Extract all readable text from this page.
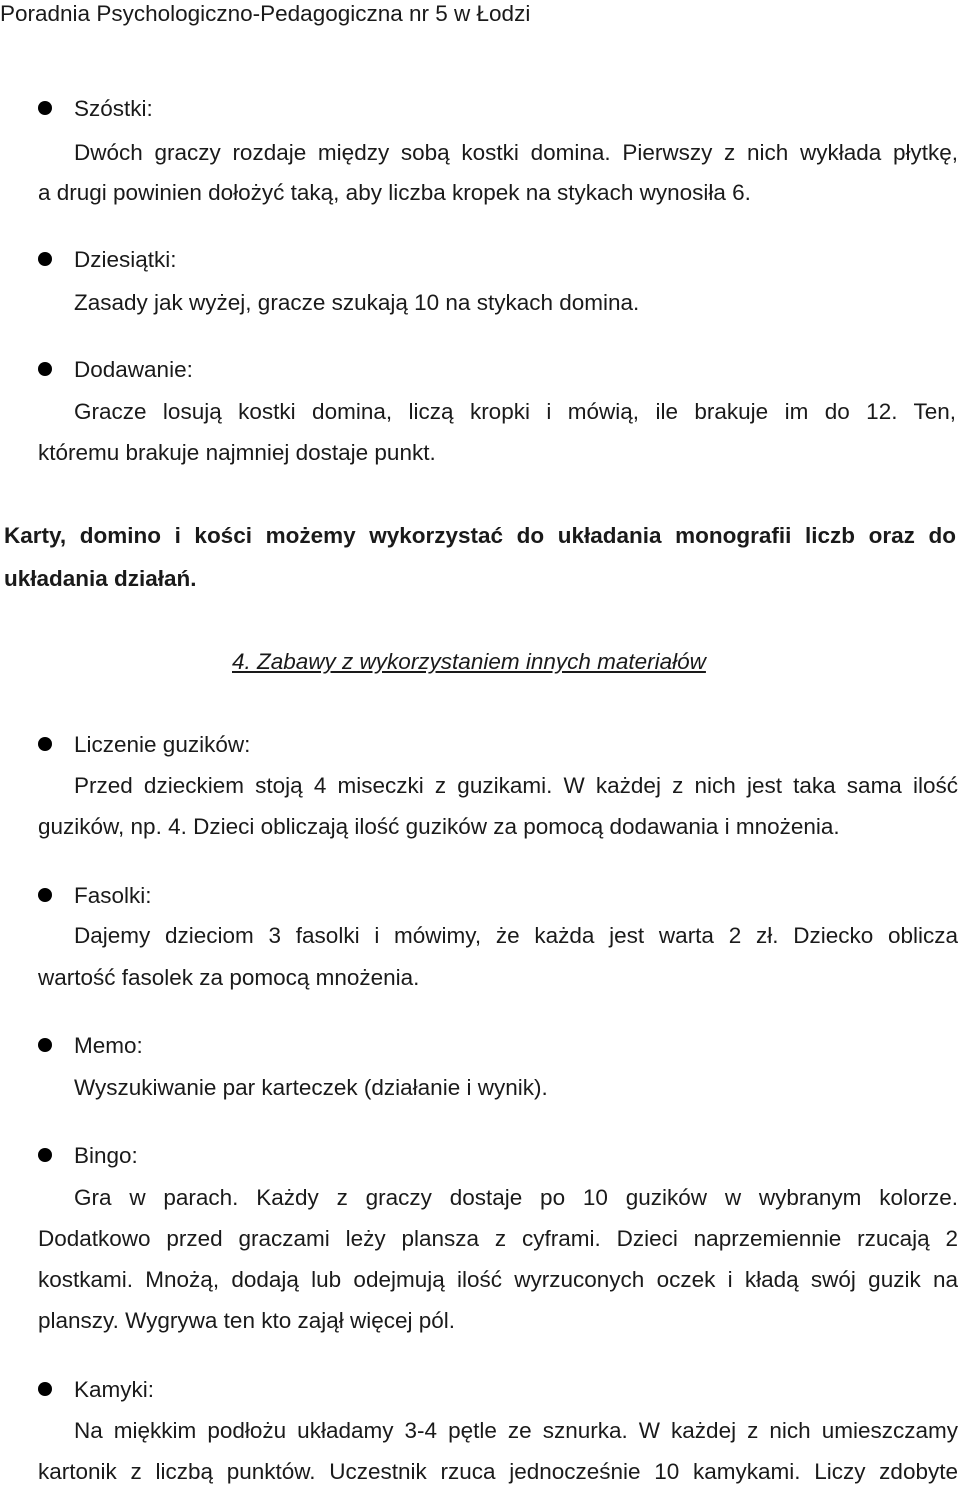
Poradnia Psychologiczno-Pedagogiczna nr 5 w Łodzi
Szóstki:
Dwóch graczy rozdaje między sobą kostki domina. Pierwszy z nich wykłada płytkę,
a drugi powinien dołożyć taką, aby liczba kropek na stykach wynosiła 6.
Dziesiątki:
Zasady jak wyżej, gracze szukają 10 na stykach domina.
Dodawanie:
Gracze losują kostki domina, liczą kropki i mówią, ile brakuje im do 12. Ten,
któremu brakuje najmniej dostaje punkt.
Karty, domino i kości możemy wykorzystać do układania monografii liczb oraz do
układania działań.
4. Zabawy z wykorzystaniem innych materiałów
Liczenie guzików:
Przed dzieckiem stoją 4 miseczki z guzikami. W każdej z nich jest taka sama ilość
guzików, np. 4. Dzieci obliczają ilość guzików za pomocą dodawania i mnożenia.
Fasolki:
Dajemy dzieciom 3 fasolki i mówimy, że każda jest warta 2 zł. Dziecko oblicza
wartość fasolek za pomocą mnożenia.
Memo:
Wyszukiwanie par karteczek (działanie i wynik).
Bingo:
Gra w parach. Każdy z graczy dostaje po 10 guzików w wybranym kolorze.
Dodatkowo przed graczami leży plansza z cyframi. Dzieci naprzemiennie rzucają 2
kostkami. Mnożą, dodają lub odejmują ilość wyrzuconych oczek i kładą swój guzik na
planszy. Wygrywa ten kto zajął więcej pól.
Kamyki:
Na miękkim podłożu układamy 3-4 pętle ze sznurka. W każdej z nich umieszczamy
kartonik z liczbą punktów. Uczestnik rzuca jednocześnie 10 kamykami. Liczy zdobyte
